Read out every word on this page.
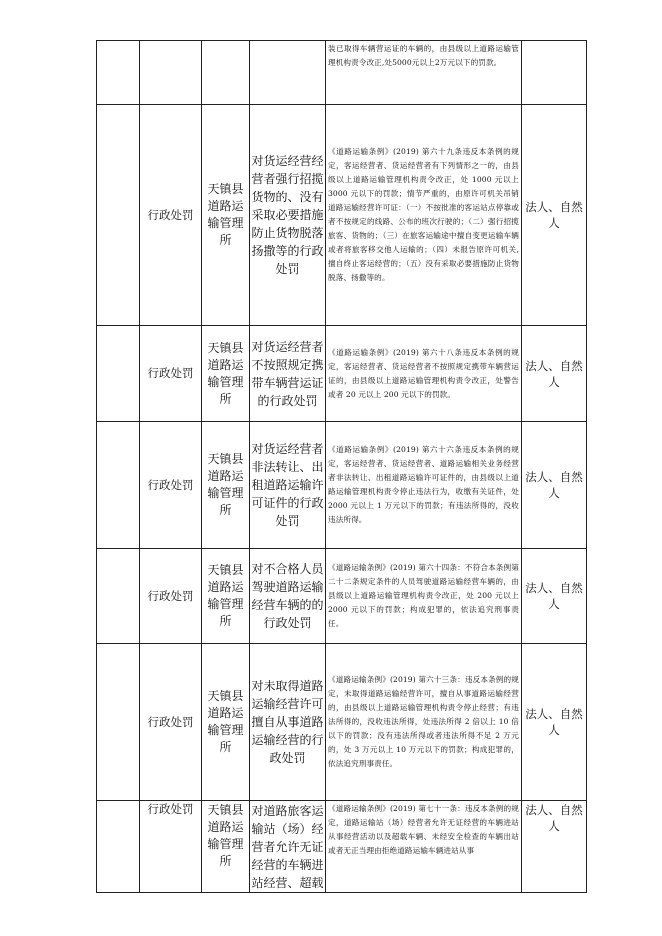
				装已取得车辆营运证的车辆的，由县级以上道路运输管理机构责令改正,处5000元以上2万元以下的罚款。	
	行政处罚	天镇县道路运输管理所	对货运经营经营者强行招揽货物的、没有采取必要措施防止货物脱落扬撒等的行政处罚	《道路运输条例》(2019) 第六十九条违反本条例的规定，客运经营者、货运经营者有下列情形之一的，由县级以上道路运输管理机构责令改正，处 1000 元以上 3000 元以下的罚款；情节严重的，由原许可机关吊销道路运输经营许可证：（一）不按批准的客运站点停靠或者不按规定的线路、公布的班次行驶的；（二）强行招揽旅客、货物的；（三）在旅客运输途中擅自变更运输车辆或者将旅客移交他人运输的；（四）未报告原许可机关,擅自终止客运经营的；（五）没有采取必要措施防止货物脱落、扬撒等的。	法人、自然人
	行政处罚	天镇县道路运输管理所	对货运经营者不按照规定携带车辆营运证的行政处罚	《道路运输条例》(2019) 第六十八条违反本条例的规定，客运经营者、货运经营者不按照规定携带车辆营运证的，由县级以上道路运输管理机构责令改正，处警告或者 20 元以上 200 元以下的罚款。	法人、自然人
	行政处罚	天镇县道路运输管理所	对货运经营者非法转让、出租道路运输许可证件的行政处罚	《道路运输条例》(2019) 第六十六条违反本条例的规定，客运经营者、货运经营者、道路运输相关业务经营者非法转让、出租道路运输许可证件的，由县级以上道路运输管理机构责令停止违法行为，收缴有关证件，处 2000 元以上 1 万元以下的罚款；有违法所得的，没收违法所得。	法人、自然人
	行政处罚	天镇县道路运输管理所	对不合格人员驾驶道路运输经营车辆的的行政处罚	《道路运输条例》(2019) 第六十四条：不符合本条例第二十二条规定条件的人员驾驶道路运输经营车辆的，由县级以上道路运输管理机构责令改正，处 200 元以上 2000 元以下的罚款；构成犯罪的，依法追究刑事责任。	法人、自然人
	行政处罚	天镇县道路运输管理所	对未取得道路运输经营许可擅自从事道路运输经营的行政处罚	《道路运输条例》(2019) 第六十三条：违反本条例的规定，未取得道路运输经营许可，擅自从事道路运输经营的，由县级以上道路运输管理机构责令停止经营；有违法所得的，没收违法所得，处违法所得 2 倍以上 10 倍以下的罚款；没有违法所得或者违法所得不足 2 万元的，处 3 万元以上 10 万元以下的罚款；构成犯罪的，依法追究刑事责任。	法人、自然人
	行政处罚	天镇县道路运输管理所	对道路旅客运输站（场）经营者允许无证经营的车辆进站经营、超载	《道路运输条例》(2019) 第七十一条：违反本条例的规定，道路运输站（场）经营者允许无证经营的车辆进站从事经营活动以及超载车辆、未经安全检查的车辆出站或者无正当理由拒绝道路运输车辆进站从事	法人、自然人
